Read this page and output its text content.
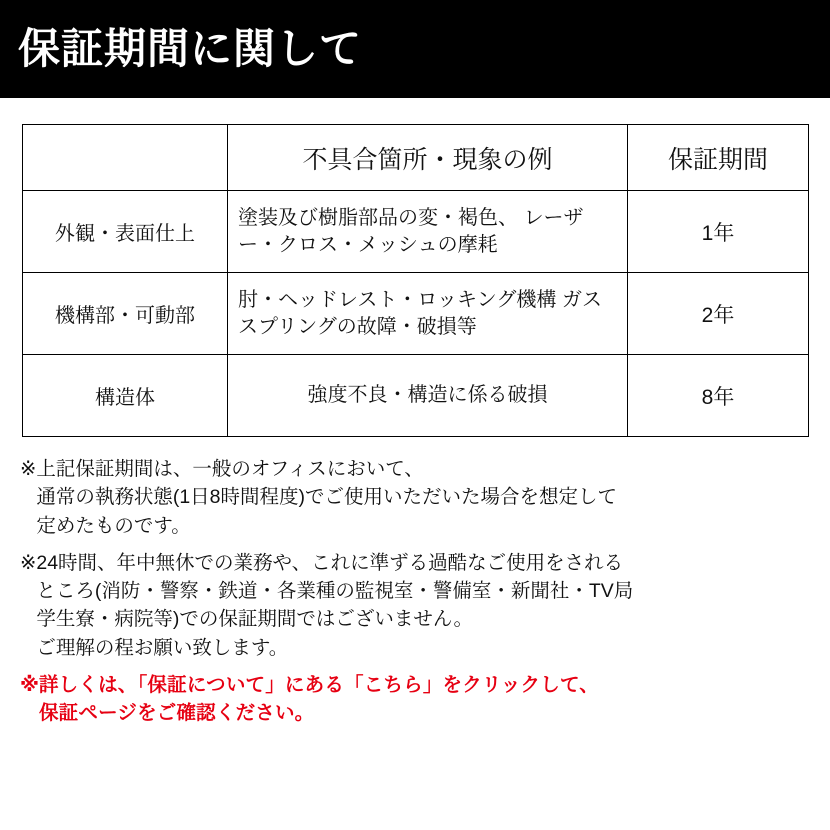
保証期間に関して
	不具合箇所・現象の例	保証期間
外観・表面仕上	塗装及び樹脂部品の変・褐色、 レーザー・クロス・メッシュの摩耗	1年
機構部・可動部	肘・ヘッドレスト・ロッキング機構 ガススプリングの故障・破損等	2年
構造体	強度不良・構造に係る破損	8年
※ 上記保証期間は、一般のオフィスにおいて、
通常の執務状態(1日8時間程度)でご使用いただいた場合を想定して
定めたものです。
※ 24時間、年中無休での業務や、これに準ずる過酷なご使用をされる
ところ(消防・警察・鉄道・各業種の監視室・警備室・新聞社・TV局
学生寮・病院等)での保証期間ではございません。
ご理解の程お願い致します。
※ 詳しくは、「保証について」にある「こちら」をクリックして、
保証ページをご確認ください。
